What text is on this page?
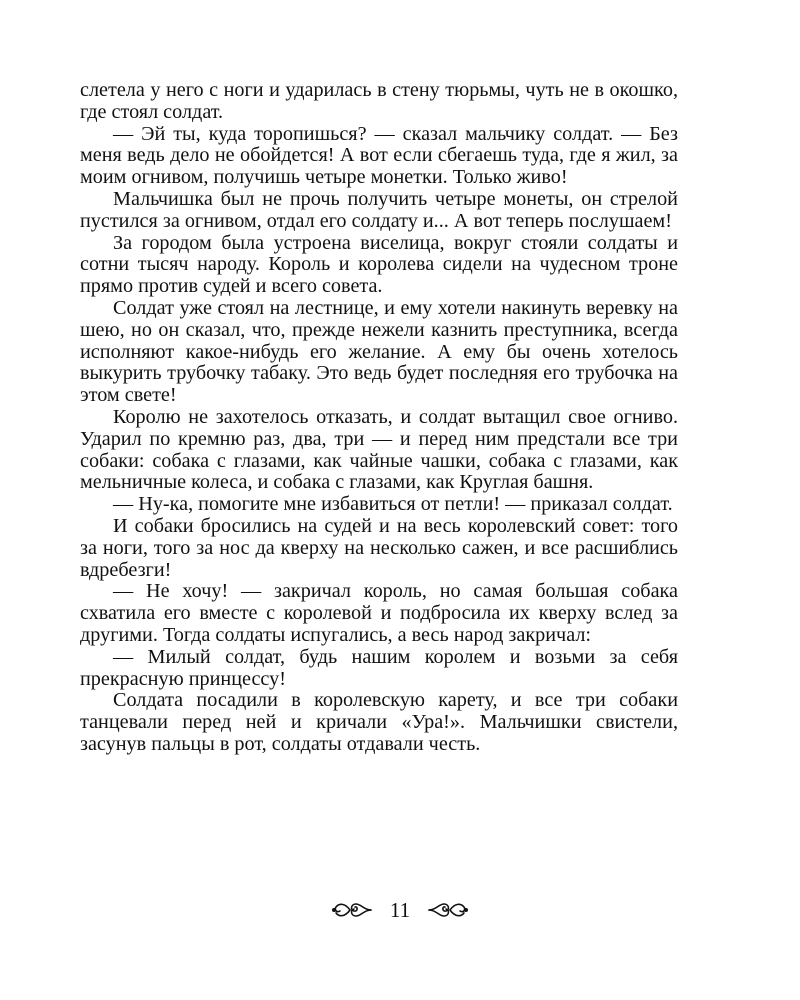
слетела у него с ноги и ударилась в стену тюрьмы, чуть не в окошко, где стоял солдат.

— Эй ты, куда торопишься? — сказал мальчику солдат. — Без меня ведь дело не обойдется! А вот если сбегаешь туда, где я жил, за моим огнивом, получишь четыре монетки. Только живо!

Мальчишка был не прочь получить четыре монеты, он стрелой пустился за огнивом, отдал его солдату и... А вот теперь послушаем!

За городом была устроена виселица, вокруг стояли солдаты и сотни тысяч народу. Король и королева сидели на чудесном троне прямо против судей и всего совета.

Солдат уже стоял на лестнице, и ему хотели накинуть веревку на шею, но он сказал, что, прежде нежели казнить преступника, всегда исполняют какое-нибудь его желание. А ему бы очень хотелось выкурить трубочку табаку. Это ведь будет последняя его трубочка на этом свете!

Королю не захотелось отказать, и солдат вытащил свое огниво. Ударил по кремню раз, два, три — и перед ним предстали все три собаки: собака с глазами, как чайные чашки, собака с глазами, как мельничные колеса, и собака с глазами, как Круглая башня.

— Ну-ка, помогите мне избавиться от петли! — приказал солдат.

И собаки бросились на судей и на весь королевский совет: того за ноги, того за нос да кверху на несколько сажен, и все расшиблись вдребезги!

— Не хочу! — закричал король, но самая большая собака схватила его вместе с королевой и подбросила их кверху вслед за другими. Тогда солдаты испугались, а весь народ закричал:

— Милый солдат, будь нашим королем и возьми за себя прекрасную принцессу!

Солдата посадили в королевскую карету, и все три собаки танцевали перед ней и кричали «Ура!». Мальчишки свистели, засунув пальцы в рот, солдаты отдавали честь.

11
